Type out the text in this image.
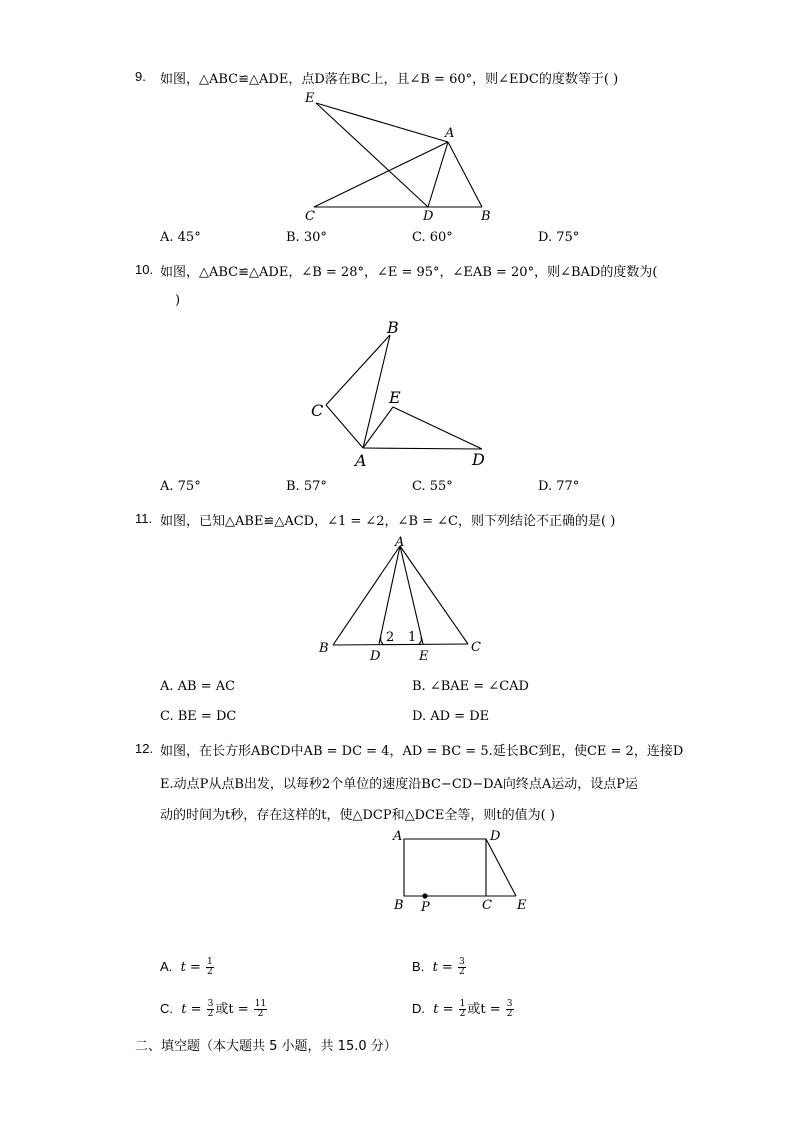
9. 如图，△ABC≌△ADE，点D落在BC上，且∠B = 60°，则∠EDC的度数等于( )
E
A
C	D	B
A. 45°	B. 30°	C. 60°	D. 75°
10. 如图，△ABC≌△ADE，∠B = 28°，∠E = 95°，∠EAB = 20°，则∠BAD的度数为(
)
B
C
E
A	D
A. 75°	B. 57°	C. 55°	D. 77°
11. 如图，已知△ABE≌△ACD，∠1 = ∠2，∠B = ∠C，则下列结论不正确的是( )
A
B
D	E
C
2 1
A. AB = AC	B. ∠BAE = ∠CAD
C. BE = DC	D. AD = DE
12. 如图，在长方形ABCD中AB = DC = 4，AD = BC = 5.延长BC到E，使CE = 2，连接D
E.动点P从点B出发，以每秒2个单位的速度沿BC−CD−DA向终点A运动，设点P运
动的时间为t秒，存在这样的t，使△DCP和△DCE全等，则t的值为( )
A	D
B P	C E
A. $t = \frac{1}{2}$	B. $t = \frac{3}{2}$
C. $t = \frac{3}{2}$ 或$t = \frac{11}{2}$	D. $t = \frac{1}{2}$ 或$t = \frac{3}{2}$
二、填空题（本大题共 5 小题，共 15.0 分）
